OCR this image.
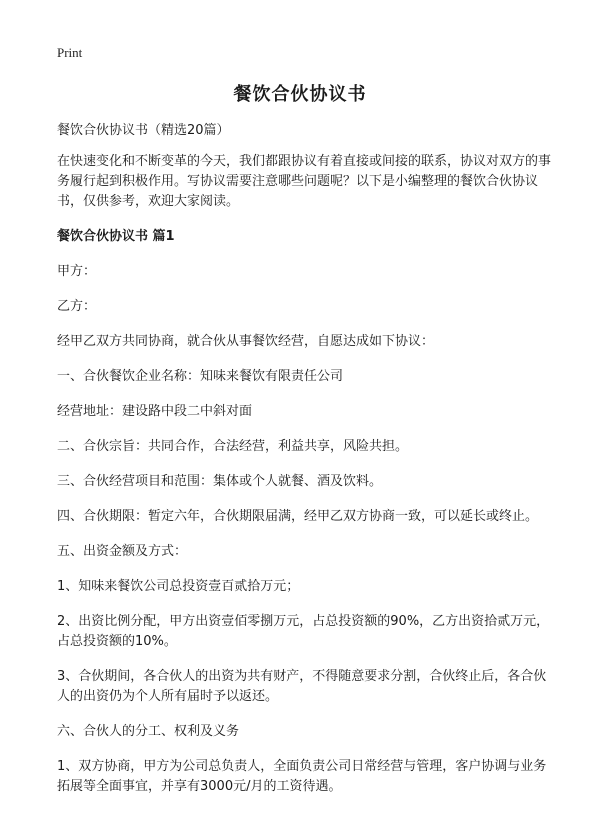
Print
餐饮合伙协议书

餐饮合伙协议书（精选20篇）

在快速变化和不断变革的今天，我们都跟协议有着直接或间接的联系，协议对双方的事务履行起到积极作用。写协议需要注意哪些问题呢？以下是小编整理的餐饮合伙协议书，仅供参考，欢迎大家阅读。

餐饮合伙协议书 篇1

甲方：

乙方：

经甲乙双方共同协商，就合伙从事餐饮经营，自愿达成如下协议：

一、合伙餐饮企业名称：知味来餐饮有限责任公司

经营地址：建设路中段二中斜对面

二、合伙宗旨：共同合作，合法经营，利益共享，风险共担。

三、合伙经营项目和范围：集体或个人就餐、酒及饮料。

四、合伙期限：暂定六年，合伙期限届满，经甲乙双方协商一致，可以延长或终止。

五、出资金额及方式：

1、知味来餐饮公司总投资壹百贰拾万元；

2、出资比例分配，甲方出资壹佰零捌万元，占总投资额的90%，乙方出资拾贰万元，占总投资额的10%。

3、合伙期间，各合伙人的出资为共有财产，不得随意要求分割，合伙终止后，各合伙人的出资仍为个人所有届时予以返还。

六、合伙人的分工、权利及义务

1、双方协商，甲方为公司总负责人，全面负责公司日常经营与管理，客户协调与业务拓展等全面事宜，并享有3000元/月的工资待遇。
